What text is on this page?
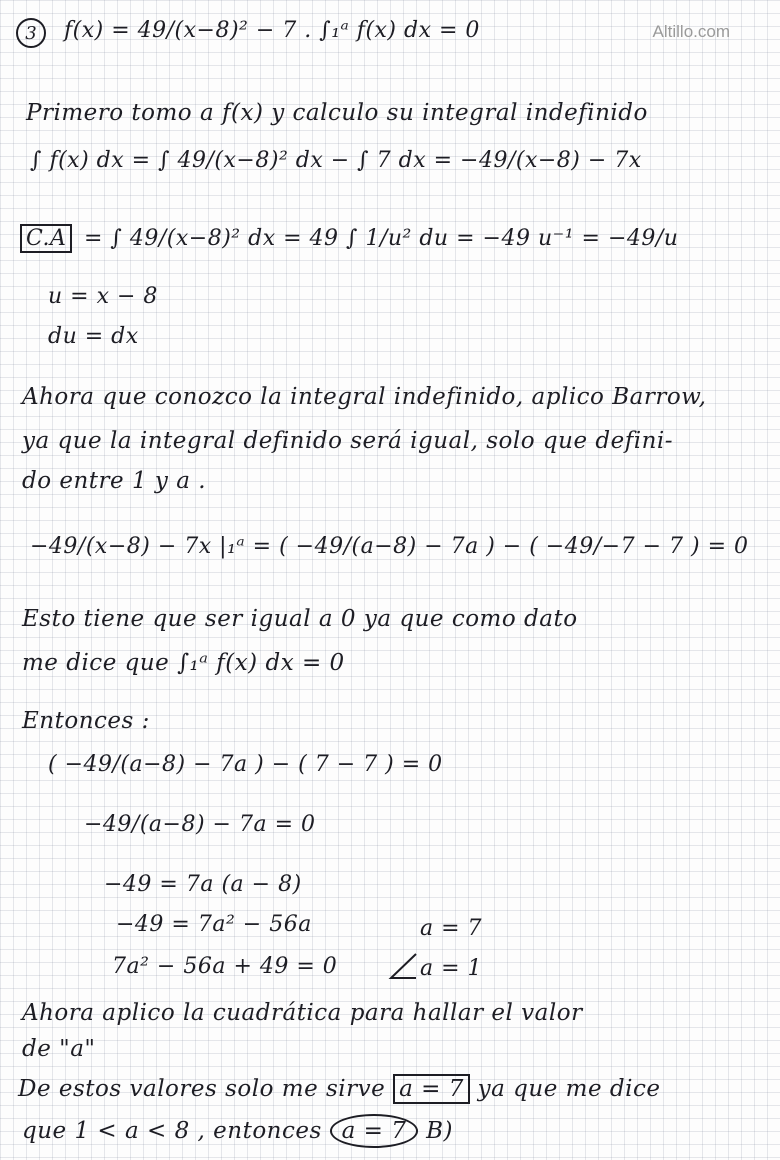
Altillo.com
3	f(x) = 49/(x−8)² − 7 . ∫₁ᵃ f(x) dx = 0
Primero tomo a f(x) y calculo su integral indefinido
∫ f(x) dx = ∫ 49/(x−8)² dx − ∫ 7 dx = −49/(x−8) − 7x
C.A = ∫ 49/(x−8)² dx = 49 ∫ 1/u² du = −49 u⁻¹ = −49/u
u = x − 8
du = dx
Ahora que conozco la integral indefinido, aplico Barrow,
ya que la integral definido será igual, solo que defini-
do entre 1 y a .
−49/(x−8) − 7x |₁ᵃ = ( −49/(a−8) − 7a ) − ( −49/−7 − 7 ) = 0
Esto tiene que ser igual a 0 ya que como dato
me dice que ∫₁ᵃ f(x) dx = 0
Entonces :
( −49/(a−8) − 7a ) − ( 7 − 7 ) = 0
−49/(a−8) − 7a = 0
−49 = 7a (a − 8)
−49 = 7a² − 56a	a = 7
7a² − 56a + 49 = 0	a = 1
Ahora aplico la cuadrática para hallar el valor
de "a"
De estos valores solo me sirve a = 7 ya que me dice
que 1 < a < 8 , entonces a = 7 B)
